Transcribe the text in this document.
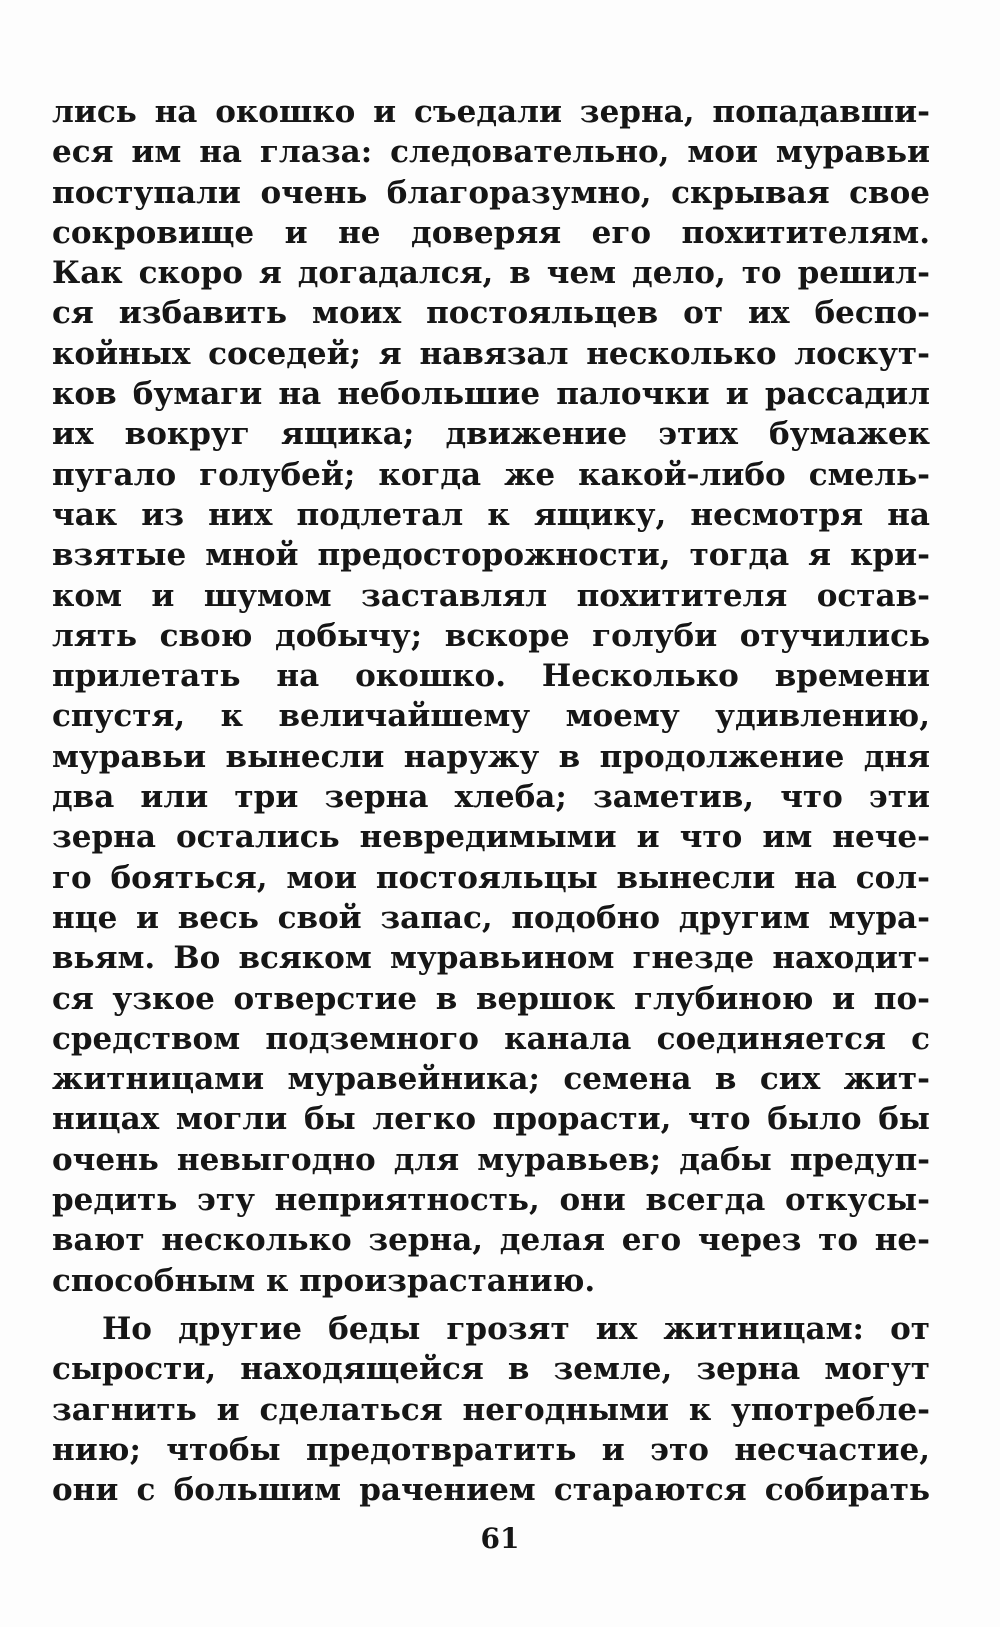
лись на окошко и съедали зерна, попадавши-
еся им на глаза: следовательно, мои муравьи
поступали очень благоразумно, скрывая свое
сокровище и не доверяя его похитителям.
Как скоро я догадался, в чем дело, то решил-
ся избавить моих постояльцев от их беспо-
койных соседей; я навязал несколько лоскут-
ков бумаги на небольшие палочки и рассадил
их вокруг ящика; движение этих бумажек
пугало голубей; когда же какой-либо смель-
чак из них подлетал к ящику, несмотря на
взятые мной предосторожности, тогда я кри-
ком и шумом заставлял похитителя остав-
лять свою добычу; вскоре голуби отучились
прилетать на окошко. Несколько времени
спустя, к величайшему моему удивлению,
муравьи вынесли наружу в продолжение дня
два или три зерна хлеба; заметив, что эти
зерна остались невредимыми и что им нече-
го бояться, мои постояльцы вынесли на сол-
нце и весь свой запас, подобно другим мура-
вьям. Во всяком муравьином гнезде находит-
ся узкое отверстие в вершок глубиною и по-
средством подземного канала соединяется с
житницами муравейника; семена в сих жит-
ницах могли бы легко прорасти, что было бы
очень невыгодно для муравьев; дабы предуп-
редить эту неприятность, они всегда откусы-
вают несколько зерна, делая его через то не-
способным к произрастанию.
Но другие беды грозят их житницам: от
сырости, находящейся в земле, зерна могут
загнить и сделаться негодными к употребле-
нию; чтобы предотвратить и это несчастие,
они с большим рачением стараются собирать
61
